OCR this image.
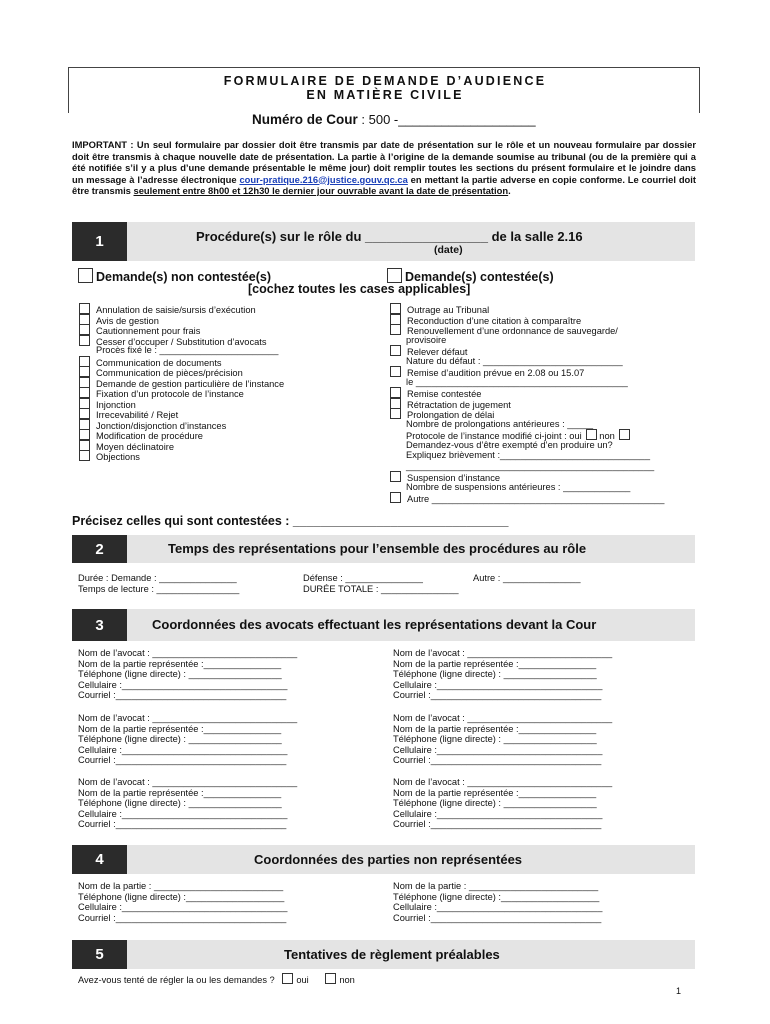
FORMULAIRE DE DEMANDE D’AUDIENCE
EN MATIÈRE CIVILE
Numéro de Cour : 500 -___________________
IMPORTANT : Un seul formulaire par dossier doit être transmis par date de présentation sur le rôle et un nouveau formulaire par dossier doit être transmis à chaque nouvelle date de présentation. La partie à l’origine de la demande soumise au tribunal (ou de la première qui a été notifiée s’il y a plus d’une demande présentable le même jour) doit remplir toutes les sections du présent formulaire et le joindre dans un message à l’adresse électronique cour-pratique.216@justice.gouv.qc.ca en mettant la partie adverse en copie conforme. Le courriel doit être transmis seulement entre 8h00 et 12h30 le dernier jour ouvrable avant la date de présentation.
1	Procédure(s) sur le rôle du _________________ de la salle 2.16
(date)
Demande(s) non contestée(s)	Demande(s) contestée(s)
[cochez toutes les cases applicables]
Annulation de saisie/sursis d’exécution
Avis de gestion
Cautionnement pour frais
Cesser d’occuper / Substitution d’avocats
Procès fixé le : _______________________
Communication de documents
Communication de pièces/précision
Demande de gestion particulière de l’instance
Fixation d’un protocole de l’instance
Injonction
Irrecevabilité / Rejet
Jonction/disjonction d’instances
Modification de procédure
Moyen déclinatoire
Objections
Outrage au Tribunal
Reconduction d’une citation à comparaître
Renouvellement d’une ordonnance de sauvegarde/
provisoire
Relever défaut
Nature du défaut : ___________________________
Remise d’audition prévue en 2.08 ou 15.07
le _________________________________________
Remise contestée
Rétractation de jugement
Prolongation de délai
Nombre de prolongations antérieures : _____
Protocole de l’instance modifié ci-joint : oui non
Demandez-vous d’être exempté d’en produire un?
Expliquez brièvement :_____________________________
________________________________________________
Suspension d’instance
Nombre de suspensions antérieures : _____________
Autre _____________________________________________
Précisez celles qui sont contestées : _______________________________
2	Temps des représentations pour l’ensemble des procédures au rôle
Durée : Demande : _______________	Défense : _______________	Autre : _______________
Temps de lecture : ________________	DURÉE TOTALE : _______________
3	Coordonnées des avocats effectuant les représentations devant la Cour
Nom de l’avocat : ____________________________
Nom de la partie représentée :_______________
Téléphone (ligne directe) : __________________
Cellulaire :________________________________
Courriel :_________________________________
Nom de l’avocat : ____________________________
Nom de la partie représentée :_______________
Téléphone (ligne directe) : __________________
Cellulaire :________________________________
Courriel :_________________________________
Nom de l’avocat : ____________________________
Nom de la partie représentée :_______________
Téléphone (ligne directe) : __________________
Cellulaire :________________________________
Courriel :_________________________________
Nom de l’avocat : ____________________________
Nom de la partie représentée :_______________
Téléphone (ligne directe) : __________________
Cellulaire :________________________________
Courriel :_________________________________
Nom de l’avocat : ____________________________
Nom de la partie représentée :_______________
Téléphone (ligne directe) : __________________
Cellulaire :________________________________
Courriel :_________________________________
Nom de l’avocat : ____________________________
Nom de la partie représentée :_______________
Téléphone (ligne directe) : __________________
Cellulaire :________________________________
Courriel :_________________________________
4	Coordonnées des parties non représentées
Nom de la partie : _________________________
Téléphone (ligne directe) :___________________
Cellulaire :________________________________
Courriel :_________________________________
Nom de la partie : _________________________
Téléphone (ligne directe) :___________________
Cellulaire :________________________________
Courriel :_________________________________
5	Tentatives de règlement préalables
Avez-vous tenté de régler la ou les demandes ? oui	non
1
